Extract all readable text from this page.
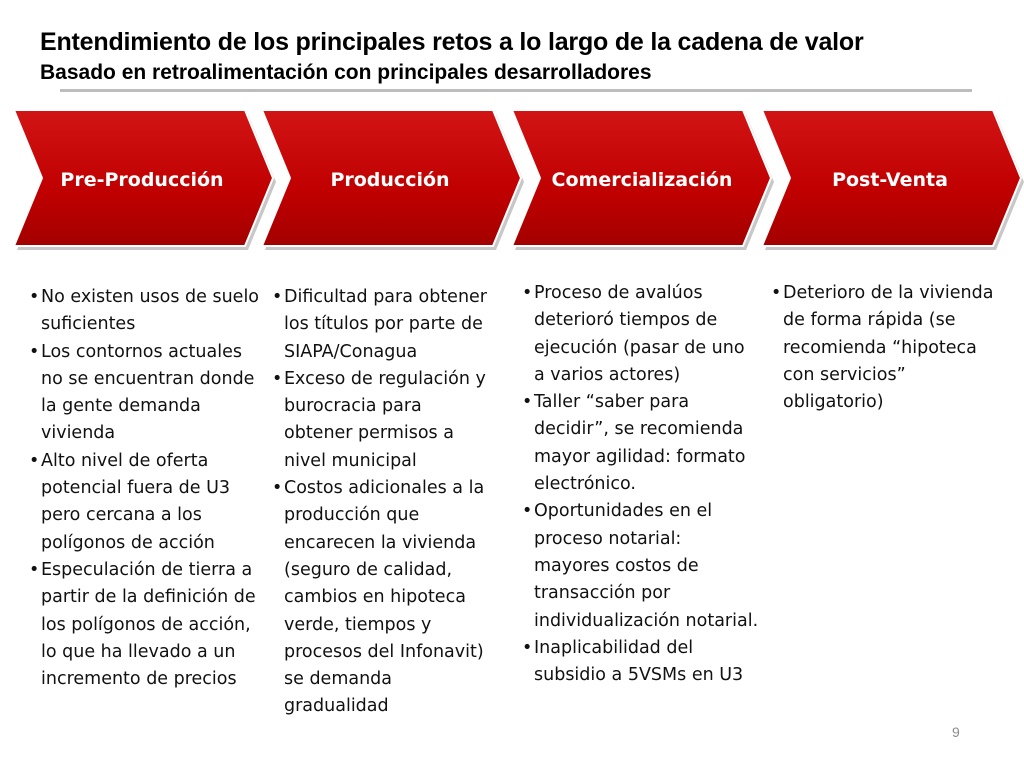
Entendimiento de los principales retos a lo largo de la cadena de valor
Basado en retroalimentación con principales desarrolladores
Pre-Producción	Producción	Comercialización	Post-Venta
• No existen usos de suelo suficientes
• Los contornos actuales no se encuentran donde la gente demanda vivienda
• Alto nivel de oferta potencial fuera de U3 pero cercana a los polígonos de acción
• Especulación de tierra a partir de la definición de los polígonos de acción, lo que ha llevado a un incremento de precios
• Dificultad para obtener los títulos por parte de SIAPA/Conagua
• Exceso de regulación y burocracia para obtener permisos a nivel municipal
• Costos adicionales a la producción que encarecen la vivienda (seguro de calidad, cambios en hipoteca verde, tiempos y procesos del Infonavit) se demanda gradualidad
• Proceso de avalúos deterioró tiempos de ejecución (pasar de uno a varios actores)
• Taller “saber para decidir”, se recomienda mayor agilidad: formato electrónico.
• Oportunidades en el proceso notarial: mayores costos de transacción por individualización notarial.
• Inaplicabilidad del subsidio a 5VSMs en U3
• Deterioro de la vivienda de forma rápida (se recomienda “hipoteca con servicios” obligatorio)
9
